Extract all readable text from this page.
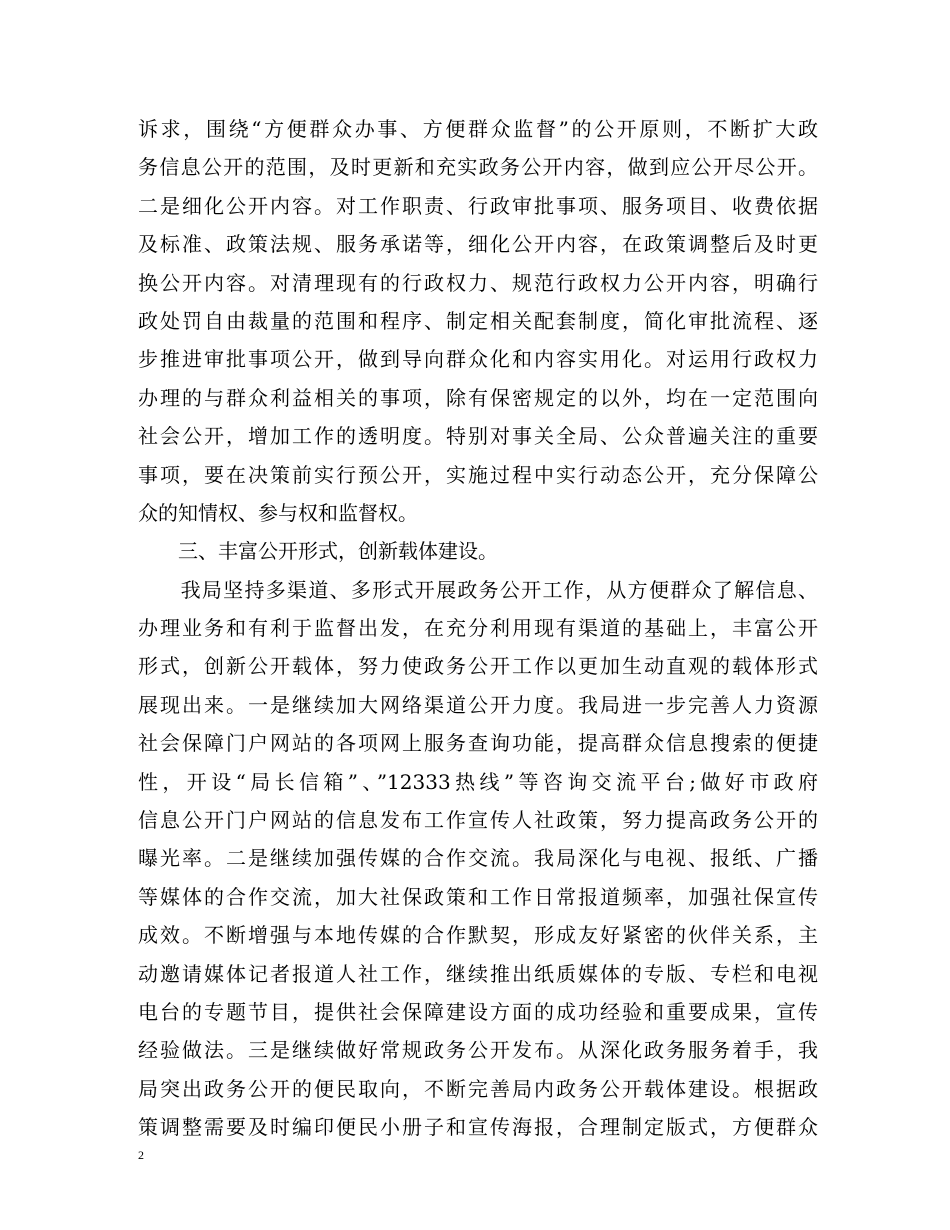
诉求，围绕“方便群众办事、方便群众监督”的公开原则，不断扩大政
务信息公开的范围，及时更新和充实政务公开内容，做到应公开尽公开。
二是细化公开内容。对工作职责、行政审批事项、服务项目、收费依据
及标准、政策法规、服务承诺等，细化公开内容，在政策调整后及时更
换公开内容。对清理现有的行政权力、规范行政权力公开内容，明确行
政处罚自由裁量的范围和程序、制定相关配套制度，简化审批流程、逐
步推进审批事项公开，做到导向群众化和内容实用化。对运用行政权力
办理的与群众利益相关的事项，除有保密规定的以外，均在一定范围向
社会公开，增加工作的透明度。特别对事关全局、公众普遍关注的重要
事项，要在决策前实行预公开，实施过程中实行动态公开，充分保障公
众的知情权、参与权和监督权。
　　三、丰富公开形式，创新载体建设。
　　我局坚持多渠道、多形式开展政务公开工作，从方便群众了解信息、
办理业务和有利于监督出发，在充分利用现有渠道的基础上，丰富公开
形式，创新公开载体，努力使政务公开工作以更加生动直观的载体形式
展现出来。一是继续加大网络渠道公开力度。我局进一步完善人力资源
社会保障门户网站的各项网上服务查询功能，提高群众信息搜索的便捷
性，开设“局长信箱”、”12333热线”等咨询交流平台;做好市政府
信息公开门户网站的信息发布工作宣传人社政策，努力提高政务公开的
曝光率。二是继续加强传媒的合作交流。我局深化与电视、报纸、广播
等媒体的合作交流，加大社保政策和工作日常报道频率，加强社保宣传
成效。不断增强与本地传媒的合作默契，形成友好紧密的伙伴关系，主
动邀请媒体记者报道人社工作，继续推出纸质媒体的专版、专栏和电视
电台的专题节目，提供社会保障建设方面的成功经验和重要成果，宣传
经验做法。三是继续做好常规政务公开发布。从深化政务服务着手，我
局突出政务公开的便民取向，不断完善局内政务公开载体建设。根据政
策调整需要及时编印便民小册子和宣传海报，合理制定版式，方便群众
2
